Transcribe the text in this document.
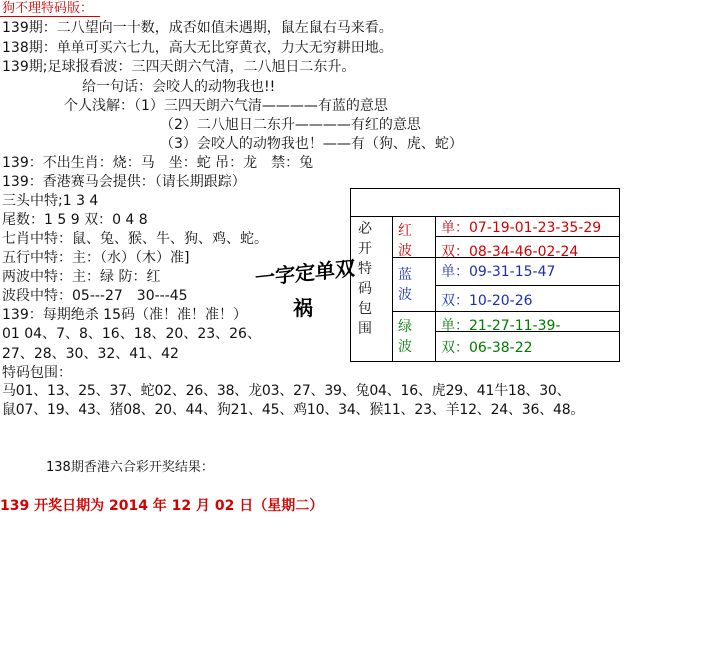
狗不理特码版：
139期：二八望向一十数，成否如值未遇期，鼠左鼠右马来看。
138期：单单可买六七九，高大无比穿黄衣，力大无穷耕田地。
139期;足球报看波：三四天朗六气清，二八旭日二东升。
给一句话：会咬人的动物我也!!
个人浅解：（1）三四天朗六气清————有蓝的意思
（2）二八旭日二东升————有红的意思
（3）会咬人的动物我也！——有（狗、虎、蛇）
139：不出生肖：烧：马　坐：蛇 吊：龙　禁：兔
139：香港赛马会提供：（请长期跟踪）
三头中特;1 3 4
尾数：1 5 9 双：0 4 8
七肖中特：鼠、兔、猴、牛、狗、鸡、蛇。
五行中特：主：（水）（木）准]
两波中特：主：绿 防：红
波段中特：05---27　30---45
139：每期绝杀 15码（准！准！准！）
01 04、7、8、16、18、20、23、26、
27、28、30、32、41、42
特码包围：
马01、13、25、37、蛇02、26、38、龙03、27、39、兔04、16、虎29、41牛18、30、
鼠07、19、43、猪08、20、44、狗21、45、鸡10、34、猴11、23、羊12、24、36、48。
一字定单双
祸
必
开
特
码
包
围
红
波
蓝
波
绿
波
单：07-19-01-23-35-29
双：08-34-46-02-24
单：09-31-15-47
双：10-20-26
单：21-27-11-39-
双：06-38-22
138期香港六合彩开奖结果：
139 开奖日期为 2014 年 12 月 02 日（星期二）
